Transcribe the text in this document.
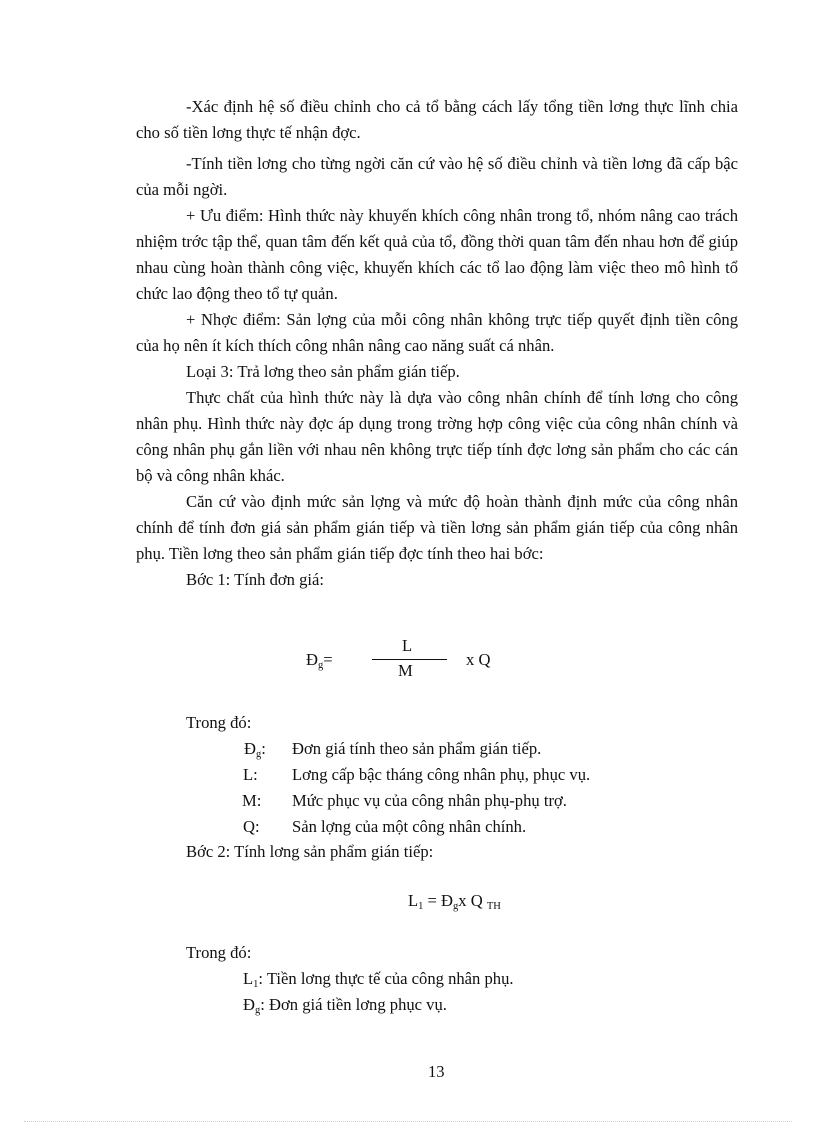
-Xác định hệ số điều chỉnh cho cả tổ bằng cách lấy tổng tiền lơng thực lĩnh chia cho số tiền lơng thực tế nhận đợc.

-Tính tiền lơng cho từng ngời căn cứ vào hệ số điều chỉnh và tiền lơng đã cấp bậc của mỗi ngời.

+ Ưu điểm: Hình thức này khuyến khích công nhân trong tổ, nhóm nâng cao trách nhiệm trớc tập thể, quan tâm đến kết quả của tổ, đồng thời quan tâm đến nhau hơn để giúp nhau cùng hoàn thành công việc, khuyến khích các tổ lao động làm việc theo mô hình tổ chức lao động theo tổ tự quản.

+ Nhợc điểm: Sản lợng của mỗi công nhân không trực tiếp quyết định tiền công của họ nên ít kích thích công nhân nâng cao năng suất cá nhân.

Loại 3: Trả lơng theo sản phẩm gián tiếp.

Thực chất của hình thức này là dựa vào công nhân chính để tính lơng cho công nhân phụ. Hình thức này đợc áp dụng trong trờng hợp công việc của công nhân chính và công nhân phụ gắn liền với nhau nên không trực tiếp tính đợc lơng sản phẩm cho các cán bộ và công nhân khác.

Căn cứ vào định mức sản lợng và mức độ hoàn thành định mức của công nhân chính để tính đơn giá sản phẩm gián tiếp và tiền lơng sản phẩm gián tiếp của công nhân phụ. Tiền lơng theo sản phẩm gián tiếp đợc tính theo hai bớc:

Bớc 1: Tính đơn giá:

$Đ_g=$
L
M
x Q
Trong đó:
$Đ_g$: Đơn giá tính theo sản phẩm gián tiếp.
L: Lơng cấp bậc tháng công nhân phụ, phục vụ.
M: Mức phục vụ của công nhân phụ-phụ trợ.
Q: Sản lợng của một công nhân chính.
Bớc 2: Tính lơng sản phẩm gián tiếp:
$L_1$ = $Đ_gx$ Q $_{TH}$
Trong đó:
$L_1$: Tiền lơng thực tế của công nhân phụ.
$Đ_g$: Đơn giá tiền lơng phục vụ.
13
